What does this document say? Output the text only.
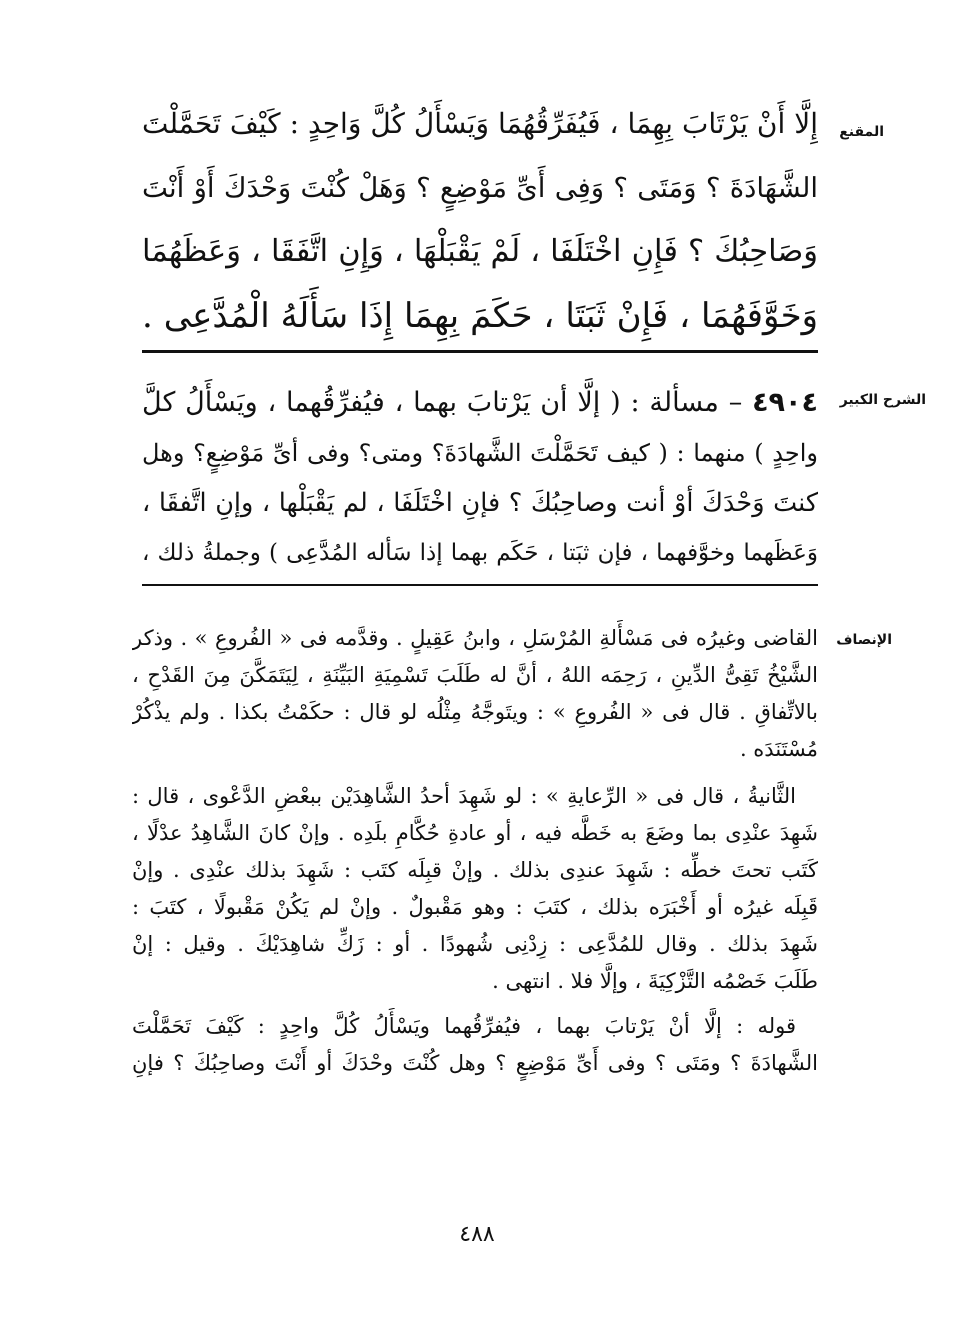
المقنع
إِلَّا أَنْ يَرْتَابَ بِهِمَا ، فَيُفَرِّقُهُمَا وَيَسْأَلُ كُلَّ وَاحِدٍ : كَيْفَ تَحَمَّلْتَ
الشَّهَادَةَ ؟ وَمَتَى ؟ وَفِى أَىِّ مَوْضِعٍ ؟ وَهَلْ كُنْتَ وَحْدَكَ أَوْ أَنْتَ
وَصَاحِبُكَ ؟ فَإِنِ اخْتَلَفَا ، لَمْ يَقْبَلْهَا ، وَإِنِ اتَّفَقَا ، وَعَظَهُمَا
وَخَوَّفَهُمَا ، فَإِنْ ثَبَتَا ، حَكَمَ بِهِمَا إِذَا سَأَلَهُ الْمُدَّعِى .
الشرح الكبير
٤٩٠٤ – مسألة : ( إلَّا أن يَرْتابَ بهما ، فيُفرِّقُهما ، ويَسْأَلُ كلَّ
واحِدٍ ) منهما : ( كيف تَحَمَّلْتَ الشَّهادَةَ؟ ومتى؟ وفى أىِّ مَوْضِعٍ؟ وهل
كنتَ وَحْدَكَ أوْ أنت وصاحِبُكَ ؟ فإنِ اخْتَلَفَا ، لم يَقْبَلْها ، وإنِ اتَّفقَا ،
وَعَظَهما وخوَّفهما ، فإن ثبَتا ، حَكَم بهما إذا سَأله المُدَّعِى ) وجملةُ ذلك ،
الإنصاف
القاضى وغيرُه فى مَسْأَلةِ المُرْسَلِ ، وابنُ عَقِيلٍ . وقدَّمه فى « الفُروعِ » . وذكر
الشَّيْخُ تَقِىُّ الدِّينِ ، رَحِمَه اللهُ ، أنَّ له طَلَبَ تَسْمِيَةِ البَيِّنَةِ ، لِيَتَمَكَّنَ مِنَ القَدْحِ ،
بالاتِّفاقِ . قال فى « الفُروعِ » : ويتَوجَّهُ مِثْلُه لو قال : حكَمْتُ بكذا . ولم يذْكُرْ
مُسْتَنَدَه .
الثَّانيةُ ، قال فى « الرِّعايةِ » : لو شَهِدَ أحدُ الشَّاهِدَيْن ببعْضِ الدَّعْوى ، قال :
شَهِدَ عنْدِى بما وضَعَ به خَطَّه فيه ، أو عادةِ حُكَّامِ بلَدِه . وإنْ كانَ الشَّاهِدُ عدْلًا ،
كَتَب تحتَ خطِّه : شَهِدَ عندِى بذلك . وإنْ قبِلَه كتَب : شَهِدَ بذلك عنْدِى . وإنْ
قَبِلَه غيرُه أو أَخْبَرَه بذلك ، كتَبَ : وهو مَقْبولٌ . وإنْ لم يَكُنْ مَقْبولًا ، كتَبَ :
شَهِدَ بذلك . وقال للمُدَّعِى : زِدْنِى شُهودًا . أو : زَكِّ شاهِدَيْكَ . وقيل : إنْ
طَلَبَ خَصْمُه التَّزْكِيَةَ ، وإلَّا فلا . انتهى .
قوله : إلَّا أنْ يَرْتابَ بهما ، فيُفرِّقُهما ويَسْأَلُ كُلَّ واحِدٍ : كَيْفَ تَحَمَّلْتَ
الشَّهادَةَ ؟ ومَتَى ؟ وفى أَىِّ مَوْضِعٍ ؟ وهل كُنْتَ وحْدَكَ أو أَنْتَ وصاحِبُكَ ؟ فإنِ
٤٨٨
